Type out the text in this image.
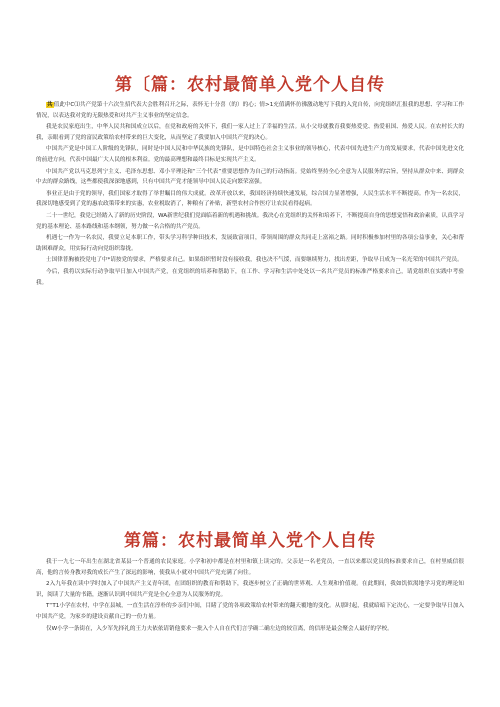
第〔篇：农村最简单入党个人自传

共值此中C⑴共产党第十六次生招代表大会胜利召开之际，表怀无十分喜（的）的心；情>1充值满怀彷彿激动地写下我的入党自传，向党组织汇报我的思想、学习和工作情况，以表达我对党的无限热爱和对共产主义事业的坚定信念。

我是农民家庭出生，中华人民共和国成立以后，在党和政府的关怀下，我们一家人过上了幸福的生活。从小父母就教育我要热爱党、热爱祖国、热爱人民。在农村长大的我，亲眼看到了党的富民政策给农村带来的巨大变化，从而坚定了我要加入中国共产党的决心。

中国共产党是中国工人阶级的先锋队，同时是中国人民和中华民族的先锋队，是中国特色社会主义事业的领导核心，代表中国先进生产力的发展要求，代表中国先进文化的前进方向，代表中国最广大人民的根本利益。党的最高理想和最终目标是实现共产主义。

中国共产党以马克思列宁主义、毛泽东思想、邓小平理论和“三个代表”重要思想作为自己的行动指南。党始终坚持全心全意为人民服务的宗旨，坚持从群众中来、到群众中去的群众路线，这些都使我深深地感到，只有中国共产党才能领导中国人民走向繁荣富强。

事业正是由于党的领导，我们国家才取得了举世瞩目的伟大成就。改革开放以来，我国经济持续快速发展，综合国力显著增强，人民生活水平不断提高。作为一名农民，我深切地感受到了党的惠农政策带来的实惠，农业税取消了，种粮有了补贴，新型农村合作医疗让农民看得起病。

二十一世纪，我党已经踏入了新的历史阶段，WA新世纪我们党面临着新的机遇和挑战。我决心在党组织的关怀和培养下，不断提高自身的思想觉悟和政治素质，认真学习党的基本理论、基本路线和基本纲领，努力做一名合格的共产党员。

机遇七一作为一名农民，我要立足本职工作，带头学习科学种田技术，发展致富项目，带领周围的群众共同走上富裕之路。同时积极参加村里的各项公益事业，关心和帮助困难群众，用实际行动向党组织靠拢。

士国律普胸被投党电了中*请按党的要求，严格要求自己。如果组织暂时没有接收我，我也决不气馁，而要继续努力，找出差距，争取早日成为一名光荣的中国共产党员。

今后，我将以实际行动争取早日加入中国共产党，在党组织的培养和帮助下，在工作、学习和生活中处处以一名共产党员的标准严格要求自己，请党组织在实践中考验我。

第篇：农村最简单入党个人自传

我于一九七一年出生在湖北省某县一个普通的农民家庭。小学和初中都是在村里和镇上读完的。父亲是一名老党员，一直以来都以党员的标准要求自己，在村里威信很高，他的言传身教对我的成长产生了深远的影响，使我从小就对中国共产党充满了向往。

2入九年我在读中学时加入了中国共产主义青年团，在团组织的教育和帮助下，我逐步树立了正确的世界观、人生观和价值观。在此期间，我如饥似渴地学习党的理论知识，阅读了大量的书籍，逐渐认识到中国共产党是全心全意为人民服务的党。

T“T1小学在农村，中学在县城，一直生活在淳朴的乡亲们中间，目睹了党的各项政策给农村带来的翻天覆地的变化。从那时起，我就暗暗下定决心，一定要争取早日加入中国共产党，为家乡的建设贡献自己的一份力量。

仅W小学一条街在，入少军先择礼的王力夫依依请销他要求一批入个人自在代们言学确二确左边的较宣离，的信形是最会聚会人最好的学校。
